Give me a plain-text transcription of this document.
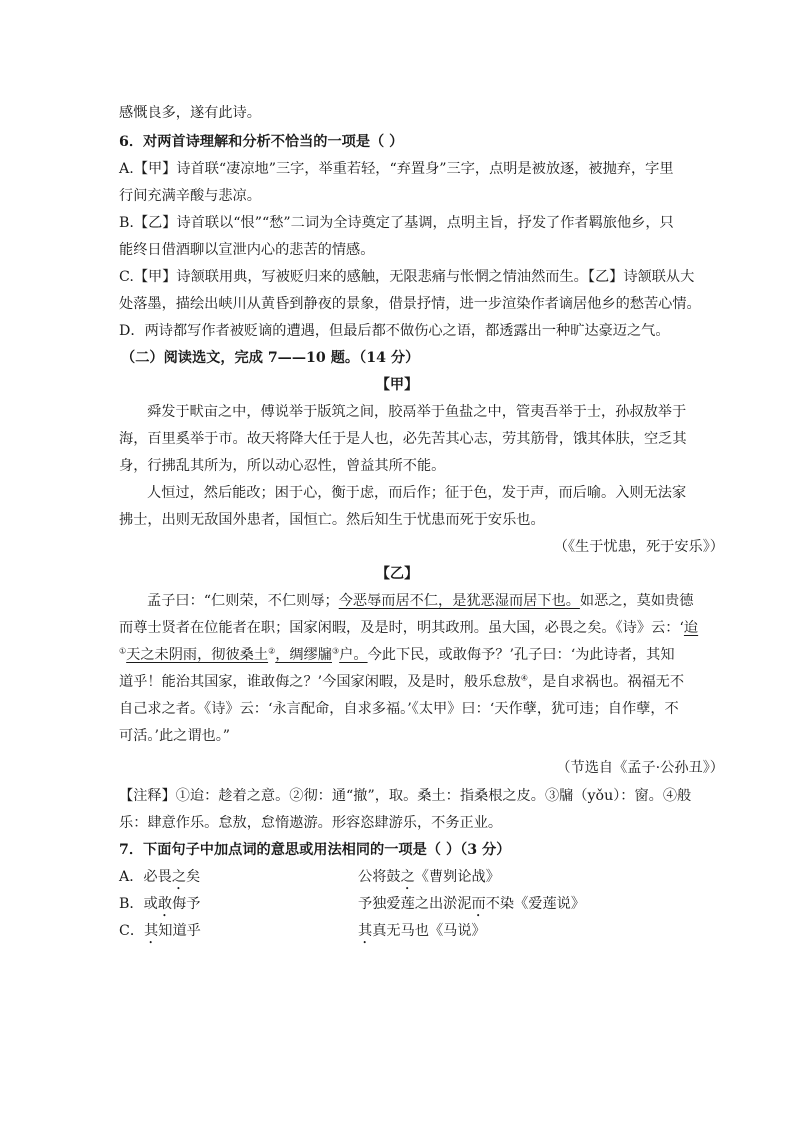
感慨良多，遂有此诗。
6．对两首诗理解和分析不恰当的一项是（ ）
A.【甲】诗首联“凄凉地”三字，举重若轻，“弃置身”三字，点明是被放逐，被抛弃，字里
行间充满辛酸与悲凉。
B.【乙】诗首联以“恨”“愁”二词为全诗奠定了基调，点明主旨，抒发了作者羁旅他乡，只
能终日借酒聊以宣泄内心的悲苦的情感。
C.【甲】诗颔联用典，写被贬归来的感触，无限悲痛与怅惘之情油然而生。【乙】诗颔联从大
处落墨，描绘出峡川从黄昏到静夜的景象，借景抒情，进一步渲染作者谪居他乡的愁苦心情。
D．两诗都写作者被贬谪的遭遇，但最后都不做伤心之语，都透露出一种旷达豪迈之气。
（二）阅读选文，完成 7——10 题。（14 分）
【甲】
舜发于畎亩之中，傅说举于版筑之间，胶鬲举于鱼盐之中，管夷吾举于士，孙叔敖举于
海，百里奚举于市。故天将降大任于是人也，必先苦其心志，劳其筋骨，饿其体肤，空乏其
身，行拂乱其所为，所以动心忍性，曾益其所不能。
人恒过，然后能改；困于心，衡于虑，而后作；征于色，发于声，而后喻。入则无法家
拂士，出则无敌国外患者，国恒亡。然后知生于忧患而死于安乐也。
（《生于忧患，死于安乐》）
【乙】
孟子曰：“仁则荣，不仁则辱；今恶辱而居不仁，是犹恶湿而居下也。如恶之，莫如贵德
而尊士贤者在位能者在职；国家闲暇，及是时，明其政刑。虽大国，必畏之矣。《诗》云：‘迨
①天之未阴雨，彻彼桑土②，绸缪牖③户。今此下民，或敢侮予？’孔子曰：‘为此诗者，其知
道乎！能治其国家，谁敢侮之？’今国家闲暇，及是时，般乐怠敖④，是自求祸也。祸福无不
自己求之者。《诗》云：‘永言配命，自求多福。’《太甲》曰：‘天作孽，犹可违；自作孽，不
可活。’此之谓也。”
（节选自《孟子·公孙丑》）
【注释】①迨：趁着之意。②彻：通“撤”，取。桑土：指桑根之皮。③牖（yǒu）：窗。④般
乐：肆意作乐。怠敖，怠惰遨游。形容恣肆游乐，不务正业。
7．下面句子中加点词的意思或用法相同的一项是（ ）（3 分）
A．必畏之矣	公将鼓之《曹刿论战》
B．或敢侮予	予独爱莲之出淤泥而不染《爱莲说》
C．其知道乎	其真无马也《马说》
